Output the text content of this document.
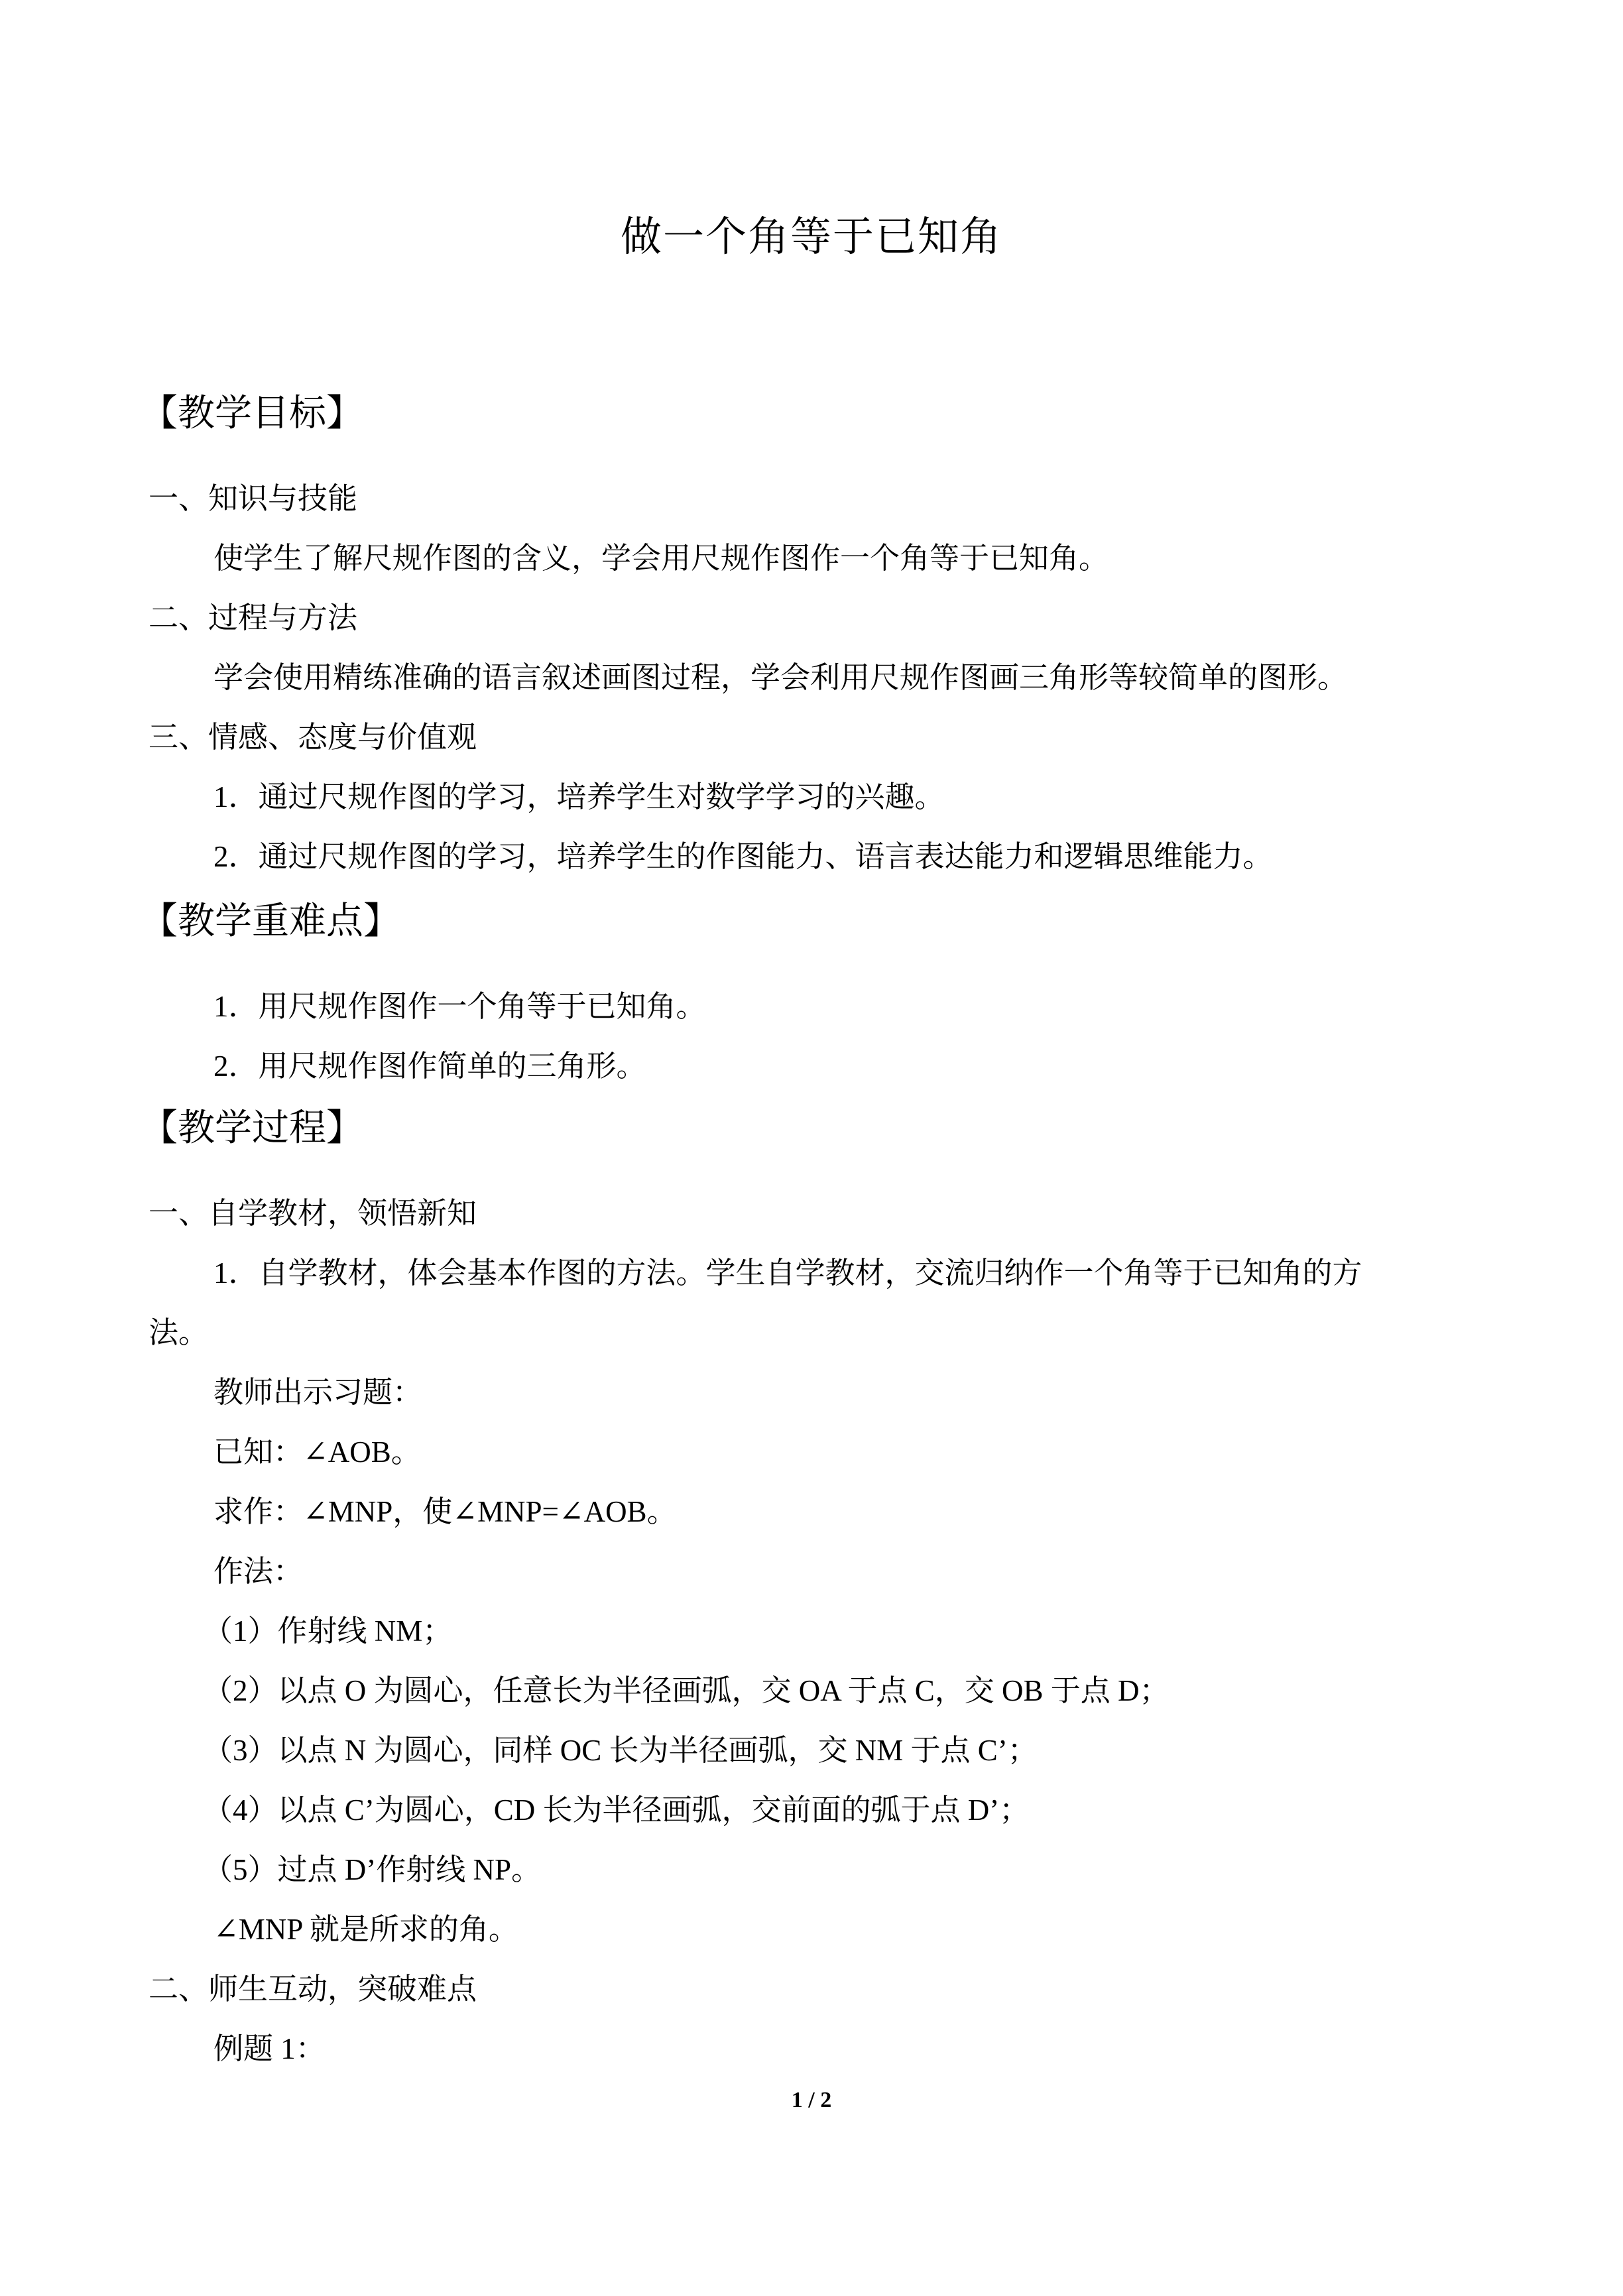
做一个角等于已知角
【教学目标】
一、知识与技能
使学生了解尺规作图的含义，学会用尺规作图作一个角等于已知角。
二、过程与方法
学会使用精练准确的语言叙述画图过程，学会利用尺规作图画三角形等较简单的图形。
三、情感、态度与价值观
1．通过尺规作图的学习，培养学生对数学学习的兴趣。
2．通过尺规作图的学习，培养学生的作图能力、语言表达能力和逻辑思维能力。
【教学重难点】
1．用尺规作图作一个角等于已知角。
2．用尺规作图作简单的三角形。
【教学过程】
一、自学教材，领悟新知
1．自学教材，体会基本作图的方法。学生自学教材，交流归纳作一个角等于已知角的方
法。
教师出示习题：
已知：∠AOB。
求作：∠MNP，使∠MNP=∠AOB。
作法：
（1）作射线 NM；
（2）以点 O 为圆心，任意长为半径画弧，交 OA 于点 C，交 OB 于点 D；
（3）以点 N 为圆心，同样 OC 长为半径画弧，交 NM 于点 C’；
（4）以点 C’为圆心，CD 长为半径画弧，交前面的弧于点 D’；
（5）过点 D’作射线 NP。
∠MNP 就是所求的角。
二、师生互动，突破难点
例题 1：
1 / 2
